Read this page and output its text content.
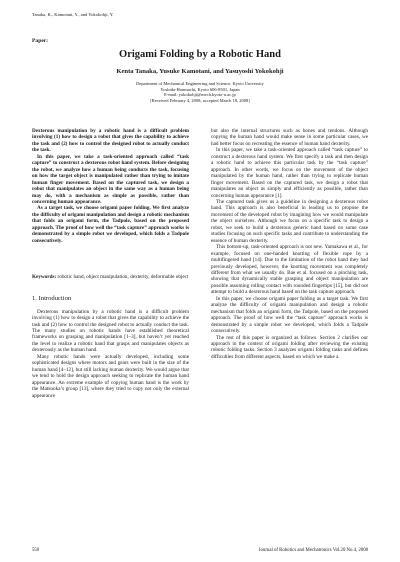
Tanaka, K., Kamotani, Y., and Yokokohji, Y.
Paper:
Origami Folding by a Robotic Hand
Kenta Tanaka, Yusuke Kamotani, and Yasuyoshi Yokokohji
Department of Mechanical Engineering and Science, Kyoto University
Yoshida-Honmachi, Kyoto 606-8501, Japan
E-mail: yokokohji@mech.kyoto-u.ac.jp
[Received February 4, 2008; accepted March 18, 2008]

Dexterous manipulation by a robotic hand is a difficult problem involving (1) how to design a robot that gives the capability to achieve the task and (2) how to control the designed robot to actually conduct the task.

In this paper, we take a task-oriented approach called “task capture” to construct a dexterous robot hand system. Before designing the robot, we analyze how a human being conducts the task, focusing on how the target object is manipulated rather than trying to imitate human finger movement. Based on the captured task, we design a robot that manipulates an object in the same way as a human being may do, with a mechanism as simple as possible, rather than concerning human appearance.

As a target task, we choose origami paper folding. We first analyze the difficulty of origami manipulation and design a robotic mechanism that folds an origami form, the Tadpole, based on the proposed approach. The proof of how well the “task capture” approach works is demonstrated by a simple robot we developed, which folds a Tadpole consecutively.

Keywords: robotic hand, object manipulation, dexterity, deformable object

1. Introduction

Dexterous manipulation by a robotic hand is a difficult problem involving (1) how to design a robot that gives the capability to achieve the task and (2) how to control the designed robot to actually conduct the task. The many studies on robotic hands have established theoretical frameworks on grasping and manipulation [1–3], but haven’t yet reached the level to realize a robotic hand that grasps and manipulates objects as dexterously as the human hand.

Many robotic hands were actually developed, including some sophisticated designs where motors and gears were built in the size of the human hand [4–12], but still lacking human dexterity. We would argue that we tend to hold the design approach seeking to replicate the human hand appearance. An extreme example of copying human hand is the work by the Matsuoka’s group [13], where they tried to copy not only the external appearance

but also the internal structures such as bones and tendons. Although copying the human hand would make sense in some particular cases, we had better focus on recreating the essence of human hand dexterity.

In this paper, we take a task-oriented approach called “task capture” to construct a dexterous hand system. We first specify a task and then design a robotic hand to achieve this particular task by the “task capture” approach. In other words, we focus on the movement of the object manipulated by the human hand, rather than trying to replicate human finger movement. Based on the captured task, we design a robot that manipulates an object as simply and efficiently as possible, rather than concerning human appearance [1].

The captured task gives us a guideline in designing a dexterous robot hand. This approach is also beneficial in leading us to propose the movement of the developed robot by imagining how we would manipulate the object ourselves. Although we focus on a specific task to design a robot, we seek to build a dexterous generic hand based on some case studies focusing on such specific tasks and contribute to understanding the essence of human dexterity.

This bottom-up, task-oriented approach is not new. Yamakawa et al., for example, focused on one-handed knotting of flexible rope by a multifingered hand [14]. Due to the limitation of the robot hand they had previously developed, however, the knotting movement was completely different from what we usually do. Bae et al. focused on a pinching task, showing that dynamically stable grasping and object manipulation are possible assuming rolling contact with rounded fingertips [15], but did not attempt to build a dexterous hand based on the task capture approach.

In this paper, we choose origami paper folding as a target task. We first analyze the difficulty of origami manipulation and design a robotic mechanism that folds an origami form, the Tadpole, based on the proposed approach. The proof of how well the “task capture” approach works is demonstrated by a simple robot we developed, which folds a Tadpole consecutively.

The rest of this paper is organized as follows. Section 2 clarifies our approach in the context of origami folding after reviewing the existing robotic folding tasks. Section 3 analyzes origami folding tasks and defines difficulties from different aspects, based on which we make a

550	Journal of Robotics and Mechatronics Vol.20 No.4, 2008
